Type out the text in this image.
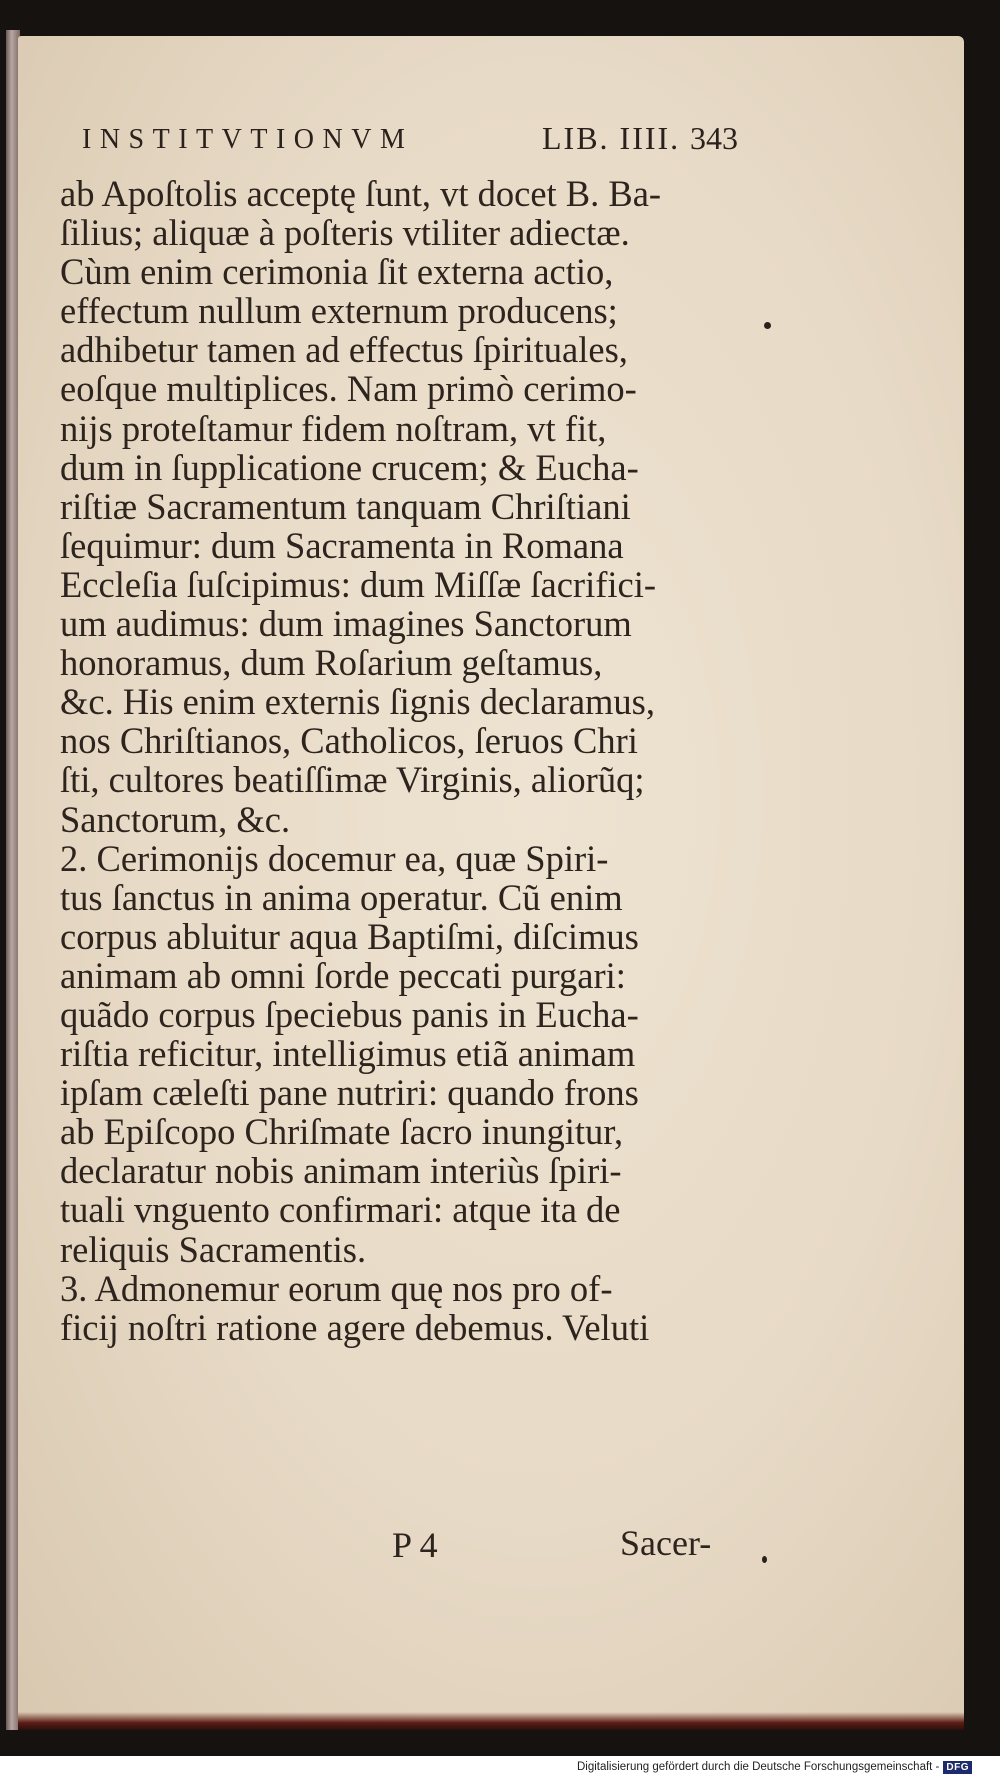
INSTITVTIONVM	LIB. IIII. 343
ab Apoſtolis acceptę ſunt, vt docet B. Ba-
ſilius; aliquæ à poſteris vtiliter adiectæ.
Cùm enim cerimonia ſit externa actio,
effectum nullum externum producens;
adhibetur tamen ad effectus ſpirituales,
eoſque multiplices. Nam primò cerimo-
nijs proteſtamur fidem noſtram, vt fit,
dum in ſupplicatione crucem; & Eucha-
riſtiæ Sacramentum tanquam Chriſtiani
ſequimur: dum Sacramenta in Romana
Eccleſia ſuſcipimus: dum Miſſæ ſacrifici-
um audimus: dum imagines Sanctorum
honoramus, dum Roſarium geſtamus,
&c. His enim externis ſignis declaramus,
nos Chriſtianos, Catholicos, ſeruos Chri
ſti, cultores beatiſſimæ Virginis, aliorũq;
Sanctorum, &c.
2. Cerimonijs docemur ea, quæ Spiri-
tus ſanctus in anima operatur. Cũ enim
corpus abluitur aqua Baptiſmi, diſcimus
animam ab omni ſorde peccati purgari:
quãdo corpus ſpeciebus panis in Eucha-
riſtia reficitur, intelligimus etiã animam
ipſam cæleſti pane nutriri: quando frons
ab Epiſcopo Chriſmate ſacro inungitur,
declaratur nobis animam interiùs ſpiri-
tuali vnguento confirmari: atque ita de
reliquis Sacramentis.
3. Admonemur eorum quę nos pro of-
ficij noſtri ratione agere debemus. Veluti
P 4	Sacer-
Digitalisierung gefördert durch die Deutsche Forschungsgemeinschaft - DFG
